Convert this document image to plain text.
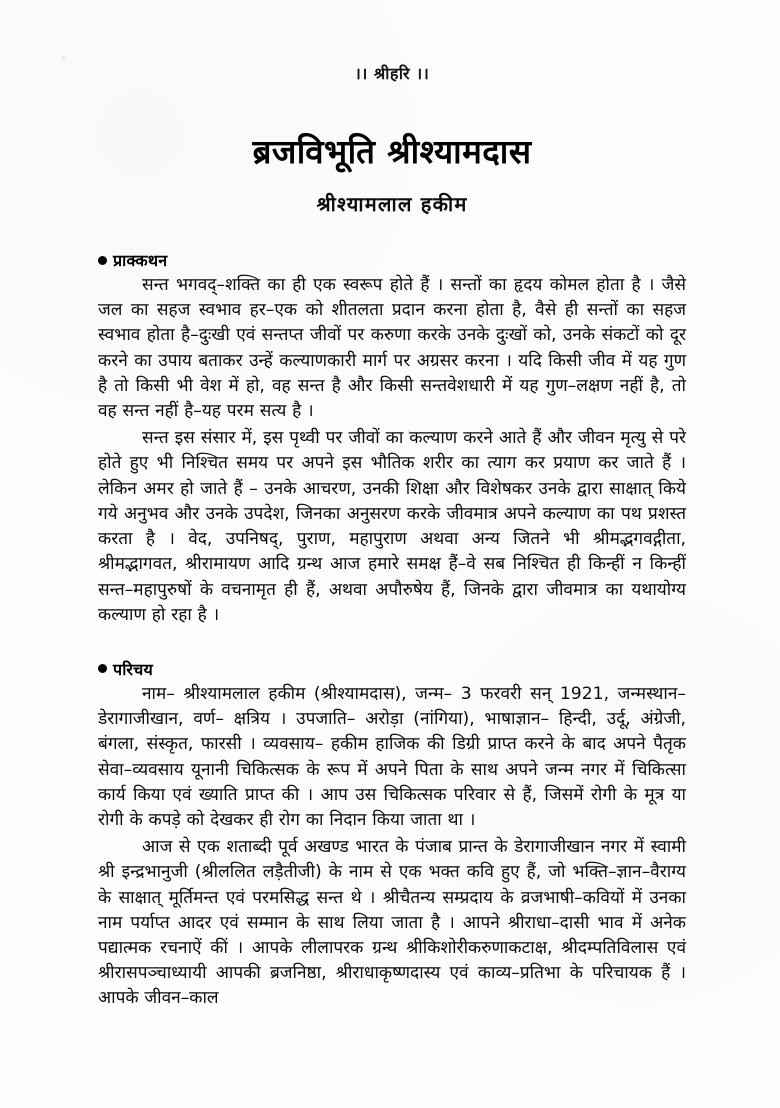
।। श्रीहरि ।।
ब्रजविभूति श्रीश्यामदास
श्रीश्यामलाल हकीम
प्राक्कथन

सन्त भगवद्–शक्ति का ही एक स्वरूप होते हैं । सन्तों का हृदय कोमल होता है । जैसे जल का सहज स्वभाव हर–एक को शीतलता प्रदान करना होता है, वैसे ही सन्तों का सहज स्वभाव होता है–दुःखी एवं सन्तप्त जीवों पर करुणा करके उनके दुःखों को, उनके संकटों को दूर करने का उपाय बताकर उन्हें कल्याणकारी मार्ग पर अग्रसर करना । यदि किसी जीव में यह गुण है तो किसी भी वेश में हो, वह सन्त है और किसी सन्तवेशधारी में यह गुण–लक्षण नहीं है, तो वह सन्त नहीं है–यह परम सत्य है ।

सन्त इस संसार में, इस पृथ्वी पर जीवों का कल्याण करने आते हैं और जीवन मृत्यु से परे होते हुए भी निश्चित समय पर अपने इस भौतिक शरीर का त्याग कर प्रयाण कर जाते हैं । लेकिन अमर हो जाते हैं – उनके आचरण, उनकी शिक्षा और विशेषकर उनके द्वारा साक्षात् किये गये अनुभव और उनके उपदेश, जिनका अनुसरण करके जीवमात्र अपने कल्याण का पथ प्रशस्त करता है । वेद, उपनिषद्, पुराण, महापुराण अथवा अन्य जितने भी श्रीमद्भगवद्गीता, श्रीमद्भागवत, श्रीरामायण आदि ग्रन्थ आज हमारे समक्ष हैं–वे सब निश्चित ही किन्हीं न किन्हीं सन्त–महापुरुषों के वचनामृत ही हैं, अथवा अपौरुषेय हैं, जिनके द्वारा जीवमात्र का यथायोग्य कल्याण हो रहा है ।

परिचय

नाम– श्रीश्यामलाल हकीम (श्रीश्यामदास), जन्म– 3 फरवरी सन् 1921, जन्मस्थान– डेरागाजीखान, वर्ण– क्षत्रिय । उपजाति– अरोड़ा (नांगिया), भाषाज्ञान– हिन्दी, उर्दू, अंग्रेजी, बंगला, संस्कृत, फारसी । व्यवसाय– हकीम हाजिक की डिग्री प्राप्त करने के बाद अपने पैतृक सेवा–व्यवसाय यूनानी चिकित्सक के रूप में अपने पिता के साथ अपने जन्म नगर में चिकित्सा कार्य किया एवं ख्याति प्राप्त की । आप उस चिकित्सक परिवार से हैं, जिसमें रोगी के मूत्र या रोगी के कपड़े को देखकर ही रोग का निदान किया जाता था ।

आज से एक शताब्दी पूर्व अखण्ड भारत के पंजाब प्रान्त के डेरागाजीखान नगर में स्वामी श्री इन्द्रभानुजी (श्रीललित लड़ैतीजी) के नाम से एक भक्त कवि हुए हैं, जो भक्ति–ज्ञान–वैराग्य के साक्षात् मूर्तिमन्त एवं परमसिद्ध सन्त थे । श्रीचैतन्य सम्प्रदाय के व्रजभाषी–कवियों में उनका नाम पर्याप्त आदर एवं सम्मान के साथ लिया जाता है । आपने श्रीराधा–दासी भाव में अनेक पद्यात्मक रचनाऐं कीं । आपके लीलापरक ग्रन्थ श्रीकिशोरीकरुणाकटाक्ष, श्रीदम्पतिविलास एवं श्रीरासपञ्चाध्यायी आपकी ब्रजनिष्ठा, श्रीराधाकृष्णदास्य एवं काव्य–प्रतिभा के परिचायक हैं । आपके जीवन–काल
